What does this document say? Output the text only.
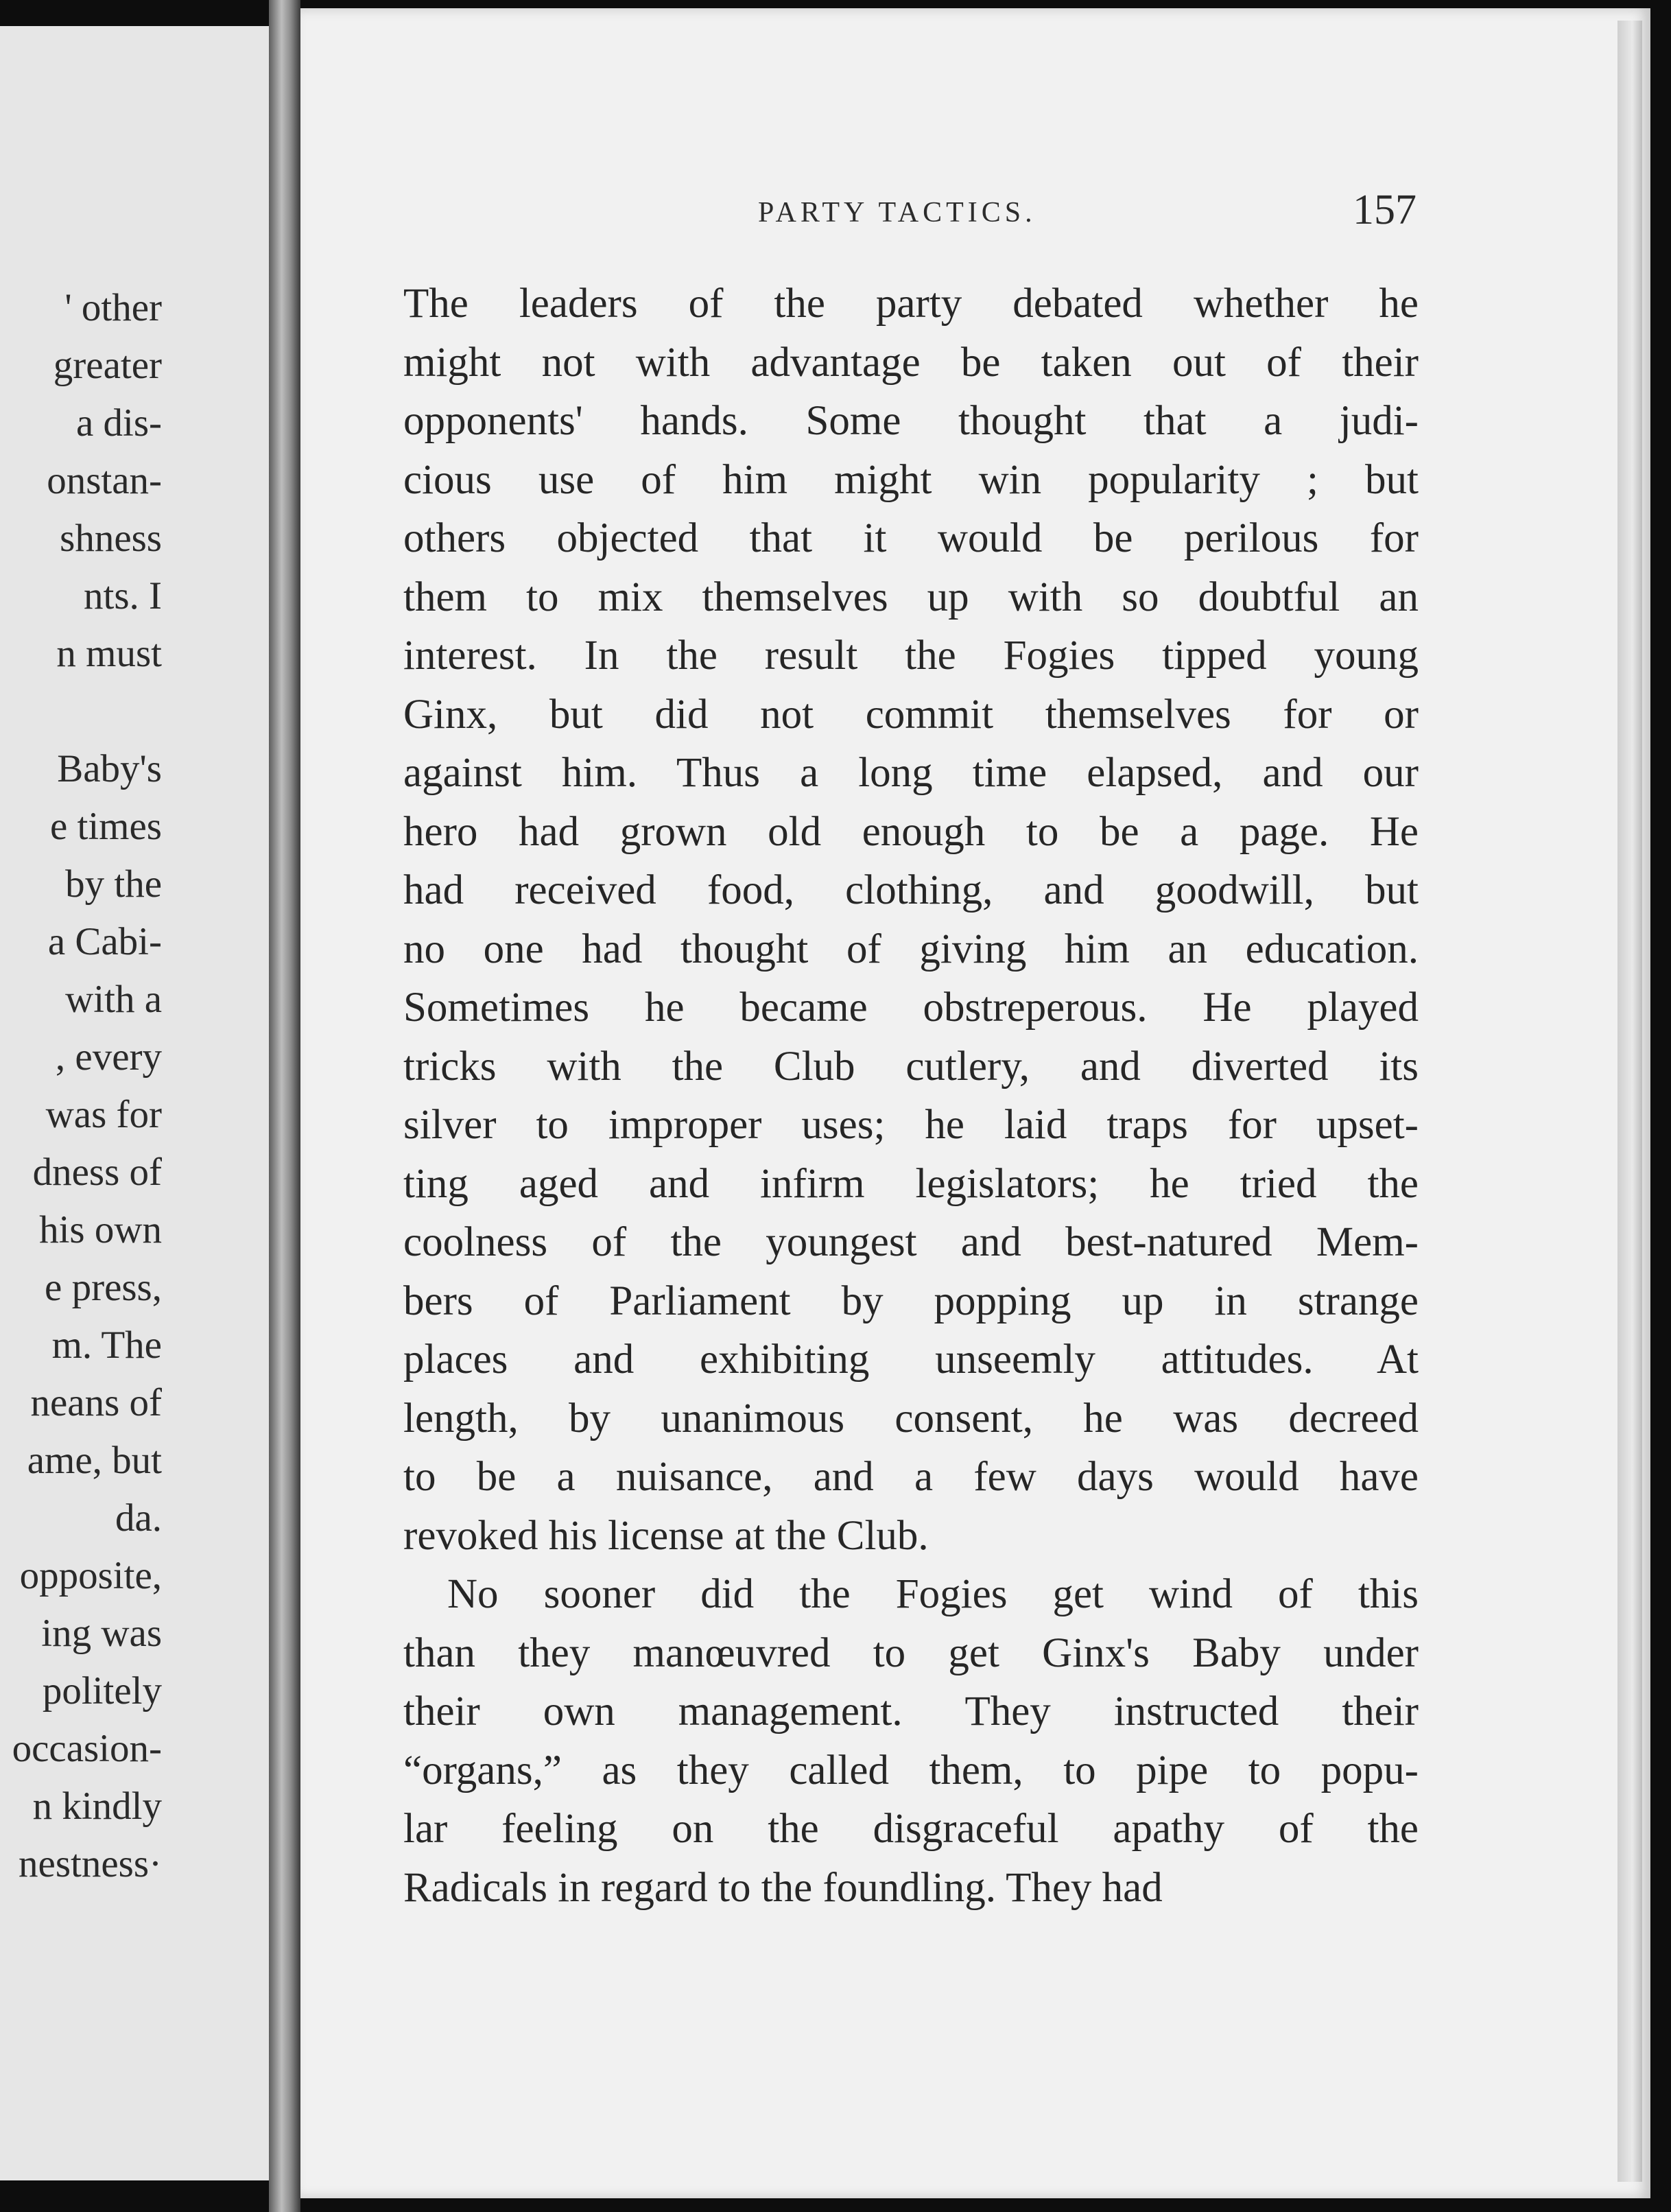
' other
greater
a dis-
onstan-
shness
nts. I
n must
Baby's
e times
by the
a Cabi-
with a
, every
was for
dness of
his own
e press,
m. The
neans of
ame, but
da.
opposite,
ing was
politely
occasion-
n kindly
nestness·
PARTY TACTICS.	157
The leaders of the party debated whether he
might not with advantage be taken out of their
opponents' hands. Some thought that a judi-
cious use of him might win popularity ; but
others objected that it would be perilous for
them to mix themselves up with so doubtful an
interest. In the result the Fogies tipped young
Ginx, but did not commit themselves for or
against him. Thus a long time elapsed, and our
hero had grown old enough to be a page. He
had received food, clothing, and goodwill, but
no one had thought of giving him an education.
Sometimes he became obstreperous. He played
tricks with the Club cutlery, and diverted its
silver to improper uses; he laid traps for upset-
ting aged and infirm legislators; he tried the
coolness of the youngest and best-natured Mem-
bers of Parliament by popping up in strange
places and exhibiting unseemly attitudes. At
length, by unanimous consent, he was decreed
to be a nuisance, and a few days would have
revoked his license at the Club.
No sooner did the Fogies get wind of this
than they manœuvred to get Ginx's Baby under
their own management. They instructed their
“organs,” as they called them, to pipe to popu-
lar feeling on the disgraceful apathy of the
Radicals in regard to the foundling. They had
